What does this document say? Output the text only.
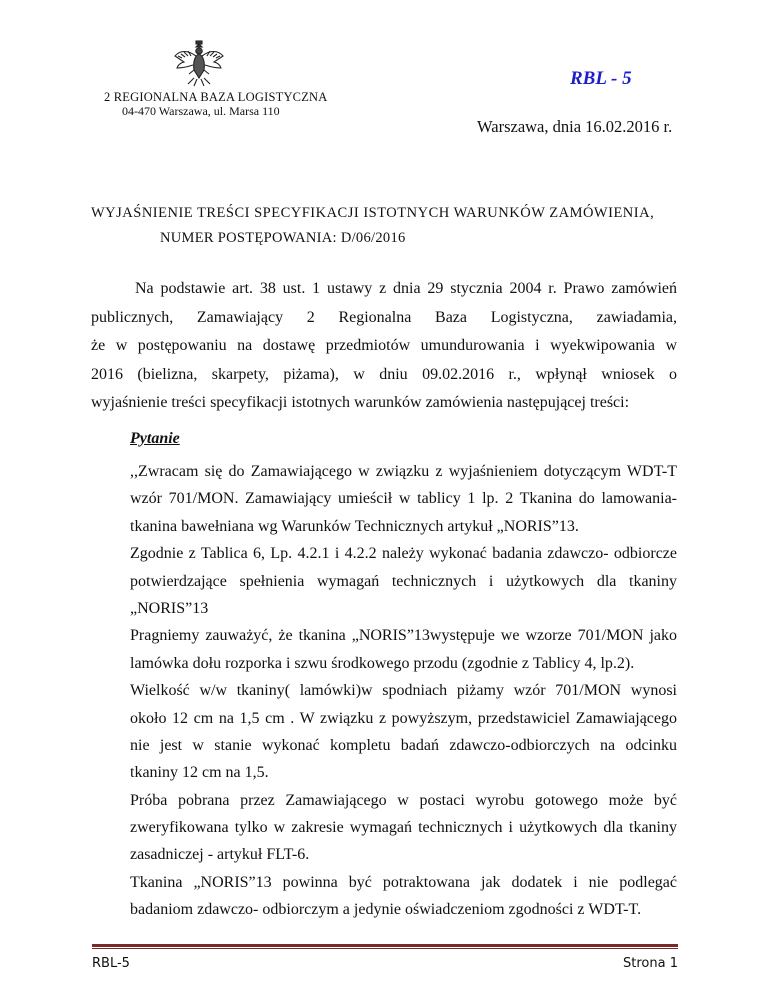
2 REGIONALNA BAZA LOGISTYCZNA
04-470 Warszawa, ul. Marsa 110
RBL - 5
Warszawa, dnia 16.02.2016 r.
WYJAŚNIENIE TREŚCI SPECYFIKACJI ISTOTNYCH WARUNKÓW ZAMÓWIENIA,
NUMER POSTĘPOWANIA: D/06/2016
Na podstawie art. 38 ust. 1 ustawy z dnia 29 stycznia 2004 r. Prawo zamówień
publicznych, Zamawiający 2 Regionalna Baza Logistyczna, zawiadamia,
że w postępowaniu na dostawę przedmiotów umundurowania i wyekwipowania w
2016 (bielizna, skarpety, piżama), w dniu 09.02.2016 r., wpłynął wniosek o
wyjaśnienie treści specyfikacji istotnych warunków zamówienia następującej treści:
Pytanie
,,Zwracam się do Zamawiającego w związku z wyjaśnieniem dotyczącym WDT-T
wzór 701/MON. Zamawiający umieścił w tablicy 1 lp. 2 Tkanina do lamowania-
tkanina bawełniana wg Warunków Technicznych artykuł „NORIS”13.
Zgodnie z Tablica 6, Lp. 4.2.1 i 4.2.2 należy wykonać badania zdawczo- odbiorcze
potwierdzające spełnienia wymagań technicznych i użytkowych dla tkaniny
„NORIS”13
Pragniemy zauważyć, że tkanina „NORIS”13występuje we wzorze 701/MON jako
lamówka dołu rozporka i szwu środkowego przodu (zgodnie z Tablicy 4, lp.2).
Wielkość w/w tkaniny( lamówki)w spodniach piżamy wzór 701/MON wynosi
około 12 cm na 1,5 cm . W związku z powyższym, przedstawiciel Zamawiającego
nie jest w stanie wykonać kompletu badań zdawczo-odbiorczych na odcinku
tkaniny 12 cm na 1,5.
Próba pobrana przez Zamawiającego w postaci wyrobu gotowego może być
zweryfikowana tylko w zakresie wymagań technicznych i użytkowych dla tkaniny
zasadniczej - artykuł FLT-6.
Tkanina „NORIS”13 powinna być potraktowana jak dodatek i nie podlegać
badaniom zdawczo- odbiorczym a jedynie oświadczeniom zgodności z WDT-T.
RBL-5	Strona 1
